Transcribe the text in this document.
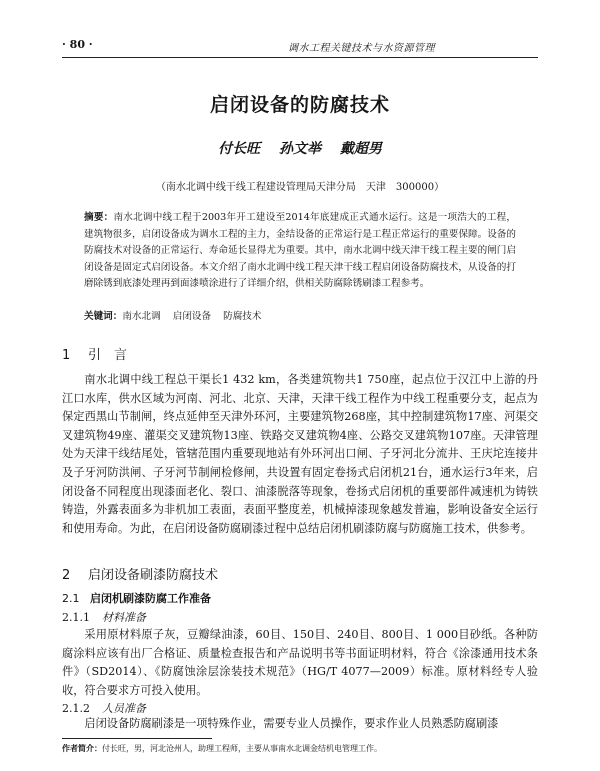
· 80 ·	调水工程关键技术与水资源管理
启闭设备的防腐技术
付长旺 孙文举 戴超男
（南水北调中线干线工程建设管理局天津分局　天津　300000）
摘要：南水北调中线工程于2003年开工建设至2014年底建成正式通水运行。这是一项浩大的工程，建筑物很多，启闭设备成为调水工程的主力，金结设备的正常运行是工程正常运行的重要保障。设备的防腐技术对设备的正常运行、寿命延长显得尤为重要。其中，南水北调中线天津干线工程主要的闸门启闭设备是固定式启闭设备。本文介绍了南水北调中线工程天津干线工程启闭设备防腐技术，从设备的打磨除锈到底漆处理再到面漆喷涂进行了详细介绍，供相关防腐除锈刷漆工程参考。
关键词：南水北调 启闭设备 防腐技术
1 引　言

南水北调中线工程总干渠长1 432 km，各类建筑物共1 750座，起点位于汉江中上游的丹江口水库，供水区域为河南、河北、北京、天津，天津干线工程作为中线工程重要分支，起点为保定西黑山节制闸，终点延伸至天津外环河，主要建筑物268座，其中控制建筑物17座、河渠交叉建筑物49座、灌渠交叉建筑物13座、铁路交叉建筑物4座、公路交叉建筑物107座。天津管理处为天津干线结尾处，管辖范围内重要现地站有外环河出口闸、子牙河北分流井、王庆坨连接井及子牙河防洪闸、子牙河节制闸检修闸，共设置有固定卷扬式启闭机21台，通水运行3年来，启闭设备不同程度出现漆面老化、裂口、油漆脱落等现象，卷扬式启闭机的重要部件减速机为铸铁铸造，外露表面多为非机加工表面，表面平整度差，机械掉漆现象越发普遍，影响设备安全运行和使用寿命。为此，在启闭设备防腐刷漆过程中总结启闭机刷漆防腐与防腐施工技术，供参考。

2 启闭设备刷漆防腐技术
2.1 启闭机刷漆防腐工作准备
2.1.1 材料准备

采用原材料原子灰，豆瓣绿油漆，60目、150目、240目、800目、1 000目砂纸。各种防腐涂料应该有出厂合格证、质量检查报告和产品说明书等书面证明材料，符合《涂漆通用技术条件》（SD2014）、《防腐蚀涂层涂装技术规范》（HG/T 4077—2009）标准。原材料经专人验收，符合要求方可投入使用。

2.1.2 人员准备

启闭设备防腐刷漆是一项特殊作业，需要专业人员操作，要求作业人员熟悉防腐刷漆

作者简介：付长旺，男，河北沧州人，助理工程师，主要从事南水北调金结机电管理工作。
